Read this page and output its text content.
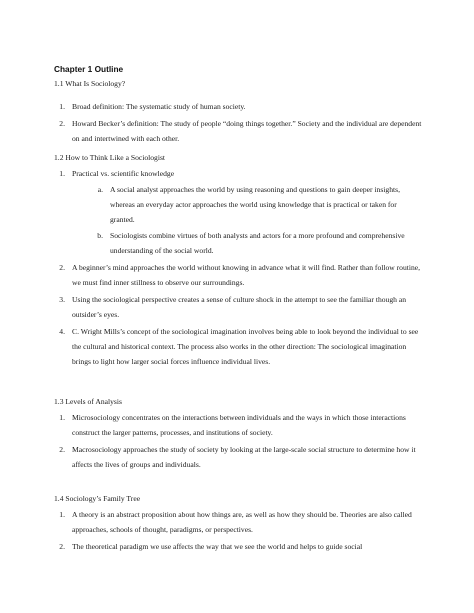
Chapter 1 Outline
1.1 What Is Sociology?
1. Broad definition: The systematic study of human society.
2. Howard Becker’s definition: The study of people “doing things together.” Society and the individual are dependent on and intertwined with each other.
1.2 How to Think Like a Sociologist
1. Practical vs. scientific knowledge
a. A social analyst approaches the world by using reasoning and questions to gain deeper insights, whereas an everyday actor approaches the world using knowledge that is practical or taken for granted.
b. Sociologists combine virtues of both analysts and actors for a more profound and comprehensive understanding of the social world.
2. A beginner’s mind approaches the world without knowing in advance what it will find. Rather than follow routine, we must find inner stillness to observe our surroundings.
3. Using the sociological perspective creates a sense of culture shock in the attempt to see the familiar though an outsider’s eyes.
4. C. Wright Mills’s concept of the sociological imagination involves being able to look beyond the individual to see the cultural and historical context. The process also works in the other direction: The sociological imagination brings to light how larger social forces influence individual lives.
1.3 Levels of Analysis
1. Microsociology concentrates on the interactions between individuals and the ways in which those interactions construct the larger patterns, processes, and institutions of society.
2. Macrosociology approaches the study of society by looking at the large-scale social structure to determine how it affects the lives of groups and individuals.
1.4 Sociology’s Family Tree
1. A theory is an abstract proposition about how things are, as well as how they should be. Theories are also called approaches, schools of thought, paradigms, or perspectives.
2. The theoretical paradigm we use affects the way that we see the world and helps to guide social
